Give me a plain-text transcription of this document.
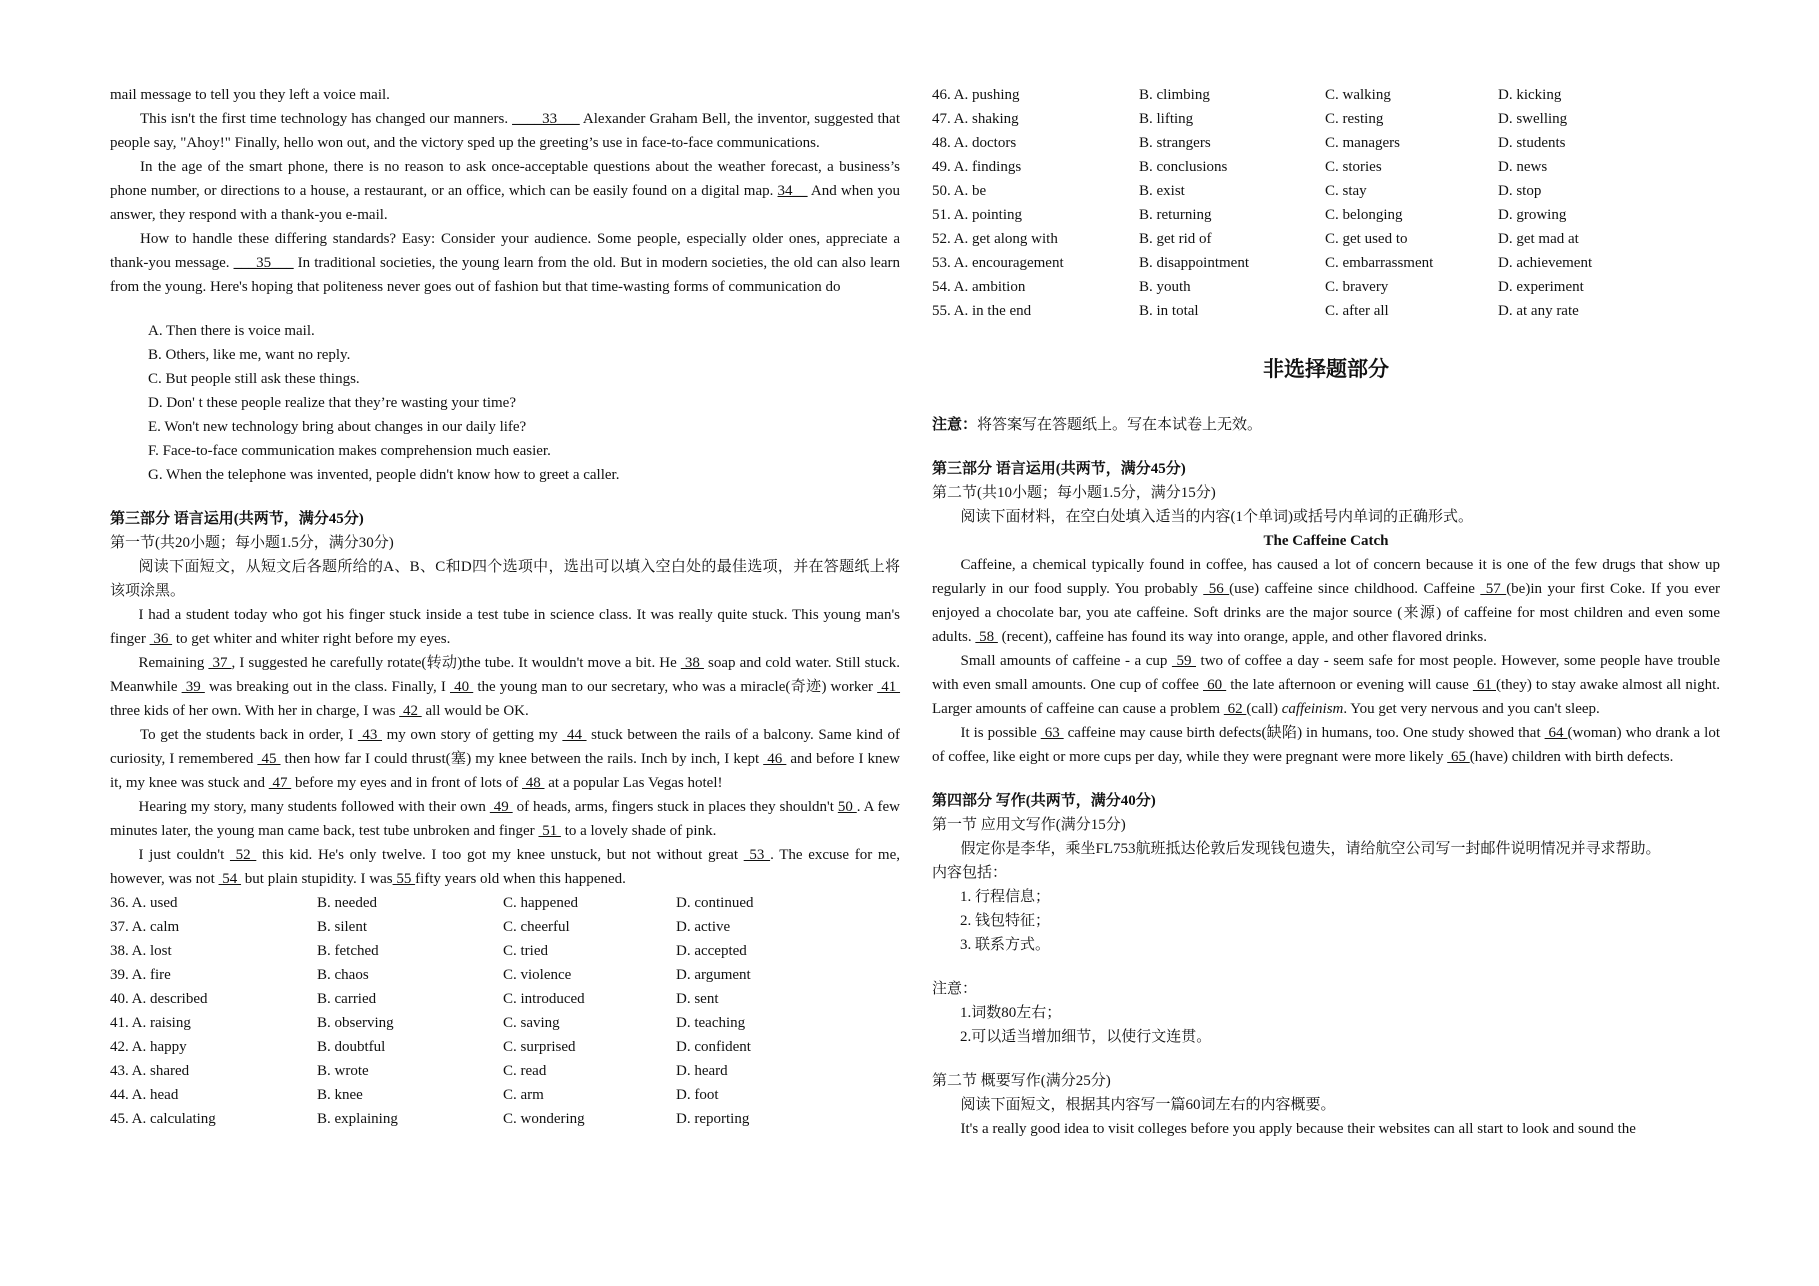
mail message to tell you they left a voice mail.

This isn't the first time technology has changed our manners. ____33___ Alexander Graham Bell, the inventor, suggested that people say, "Ahoy!" Finally, hello won out, and the victory sped up the greeting’s use in face-to-face communications.

In the age of the smart phone, there is no reason to ask once-acceptable questions about the weather forecast, a business’s phone number, or directions to a house, a restaurant, or an office, which can be easily found on a digital map. 34__ And when you answer, they respond with a thank-you e-mail.

How to handle these differing standards? Easy: Consider your audience. Some people, especially older ones, appreciate a thank-you message. ___35___ In traditional societies, the young learn from the old. But in modern societies, the old can also learn from the young. Here's hoping that politeness never goes out of fashion but that time-wasting forms of communication do

A. Then there is voice mail.
B. Others, like me, want no reply.
C. But people still ask these things.
D. Don' t these people realize that they’re wasting your time?
E. Won't new technology bring about changes in our daily life?
F. Face-to-face communication makes comprehension much easier.
G. When the telephone was invented, people didn't know how to greet a caller.
第三部分 语言运用(共两节，满分45分)

第一节(共20小题；每小题1.5分，满分30分)

阅读下面短文，从短文后各题所给的A、B、C和D四个选项中，选出可以填入空白处的最佳选项，并在答题纸上将该项涂黑。

I had a student today who got his finger stuck inside a test tube in science class. It was really quite stuck. This young man's finger  36  to get whiter and whiter right before my eyes.

Remaining  37 , I suggested he carefully rotate(转动)the tube. It wouldn't move a bit. He  38  soap and cold water. Still stuck. Meanwhile  39  was breaking out in the class. Finally, I  40  the young man to our secretary, who was a miracle(奇迹) worker  41  three kids of her own. With her in charge, I was  42  all would be OK.

To get the students back in order, I  43  my own story of getting my  44  stuck between the rails of a balcony. Same kind of curiosity, I remembered  45  then how far I could thrust(塞) my knee between the rails. Inch by inch, I kept  46  and before I knew it, my knee was stuck and  47  before my eyes and in front of lots of  48  at a popular Las Vegas hotel!

Hearing my story, many students followed with their own  49  of heads, arms, fingers stuck in places they shouldn't 50 . A few minutes later, the young man came back, test tube unbroken and finger  51  to a lovely shade of pink.

I just couldn't  52  this kid. He's only twelve. I too got my knee unstuck, but not without great  53 . The excuse for me, however, was not  54  but plain stupidity. I was 55 fifty years old when this happened.

36. A. used	B. needed	C. happened	D. continued
37. A. calm	B. silent	C. cheerful	D. active
38. A. lost	B. fetched	C. tried	D. accepted
39. A. fire	B. chaos	C. violence	D. argument
40. A. described	B. carried	C. introduced	D. sent
41. A. raising	B. observing	C. saving	D. teaching
42. A. happy	B. doubtful	C. surprised	D. confident
43. A. shared	B. wrote	C. read	D. heard
44. A. head	B. knee	C. arm	D. foot
45. A. calculating	B. explaining	C. wondering	D. reporting
46. A. pushing	B. climbing	C. walking	D. kicking
47. A. shaking	B. lifting	C. resting	D. swelling
48. A. doctors	B. strangers	C. managers	D. students
49. A. findings	B. conclusions	C. stories	D. news
50. A. be	B. exist	C. stay	D. stop
51. A. pointing	B. returning	C. belonging	D. growing
52. A. get along with	B. get rid of	C. get used to	D. get mad at
53. A. encouragement	B. disappointment	C. embarrassment	D. achievement
54. A. ambition	B. youth	C. bravery	D. experiment
55. A. in the end	B. in total	C. after all	D. at any rate
非选择题部分

注意：将答案写在答题纸上。写在本试卷上无效。

第三部分 语言运用(共两节，满分45分)

第二节(共10小题；每小题1.5分，满分15分)

阅读下面材料，在空白处填入适当的内容(1个单词)或括号内单词的正确形式。

The Caffeine Catch

Caffeine, a chemical typically found in coffee, has caused a lot of concern because it is one of the few drugs that show up regularly in our food supply. You probably  56 (use) caffeine since childhood. Caffeine  57 (be)in your first Coke. If you ever enjoyed a chocolate bar, you ate caffeine. Soft drinks are the major source (来源) of caffeine for most children and even some adults.  58  (recent), caffeine has found its way into orange, apple, and other flavored drinks.

Small amounts of caffeine - a cup  59  two of coffee a day - seem safe for most people. However, some people have trouble with even small amounts. One cup of coffee  60  the late afternoon or evening will cause  61 (they) to stay awake almost all night. Larger amounts of caffeine can cause a problem  62 (call) caffeinism. You get very nervous and you can't sleep.

It is possible  63  caffeine may cause birth defects(缺陷) in humans, too. One study showed that  64 (woman) who drank a lot of coffee, like eight or more cups per day, while they were pregnant were more likely  65 (have) children with birth defects.

第四部分 写作(共两节，满分40分)

第一节 应用文写作(满分15分)

假定你是李华，乘坐FL753航班抵达伦敦后发现钱包遗失，请给航空公司写一封邮件说明情况并寻求帮助。

内容包括：

1. 行程信息；
2. 钱包特征；
3. 联系方式。

注意：

1.词数80左右；
2.可以适当增加细节，以使行文连贯。

第二节 概要写作(满分25分)

阅读下面短文，根据其内容写一篇60词左右的内容概要。

It's a really good idea to visit colleges before you apply because their websites can all start to look and sound the
